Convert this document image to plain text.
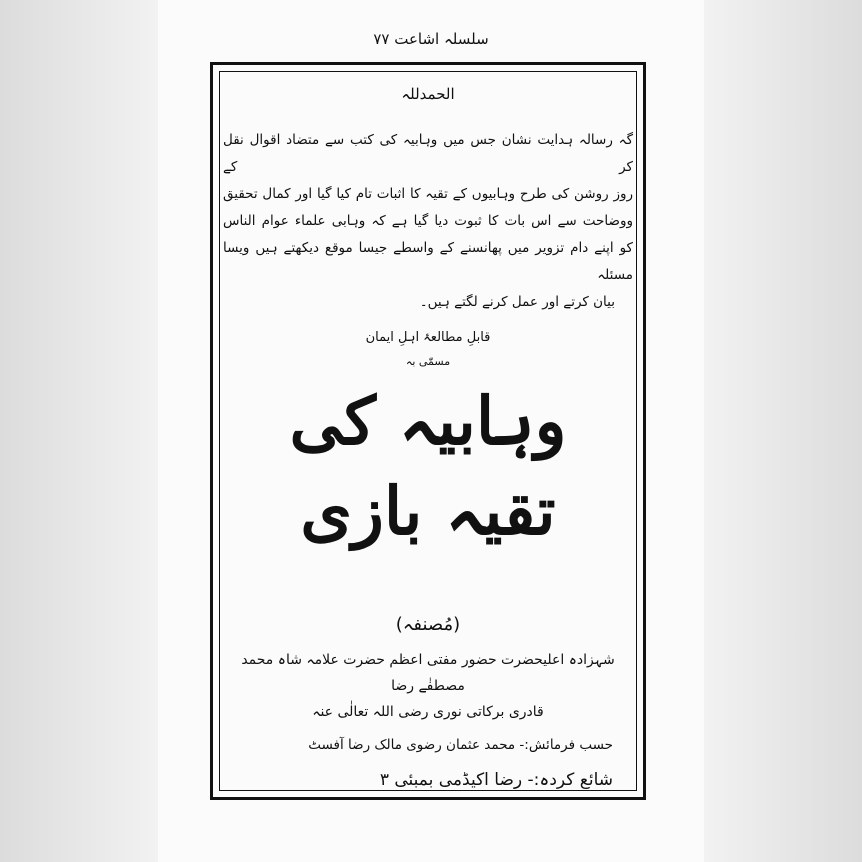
سلسلہ اشاعت ۷۷
الحمدللہ

گہ رسالہ ہدایت نشان جس میں وہابیہ کی کتب سے متضاد اقوال نقل کر کے

روز روشن کی طرح وہابیوں کے تقیہ کا اثبات تام کیا گیا اور کمال تحقیق

ووضاحت سے اس بات کا ثبوت دیا گیا ہے کہ وہابی علماء عوام الناس

کو اپنے دام تزویر میں پھانسنے کے واسطے جیسا موقع دیکھتے ہیں ویسا مسئلہ

بیان کرتے اور عمل کرنے لگتے ہیں۔

قابلِ مطالعۂ اہلِ ایمان
مسمّٰی بہ
وہابیہ کی تقیہ بازی
(مُصنفہ)
شہزادہ اعلیحضرت حضور مفتی اعظم حضرت علامہ شاہ محمد مصطفٰے رضا
قادری برکاتی نوری رضی اللہ تعالٰی عنہ
حسب فرمائش:- محمد عثمان رضوی مالک رضا آفسٹ
شائع کردہ:- رضا اکیڈمی بمبئی ۳
